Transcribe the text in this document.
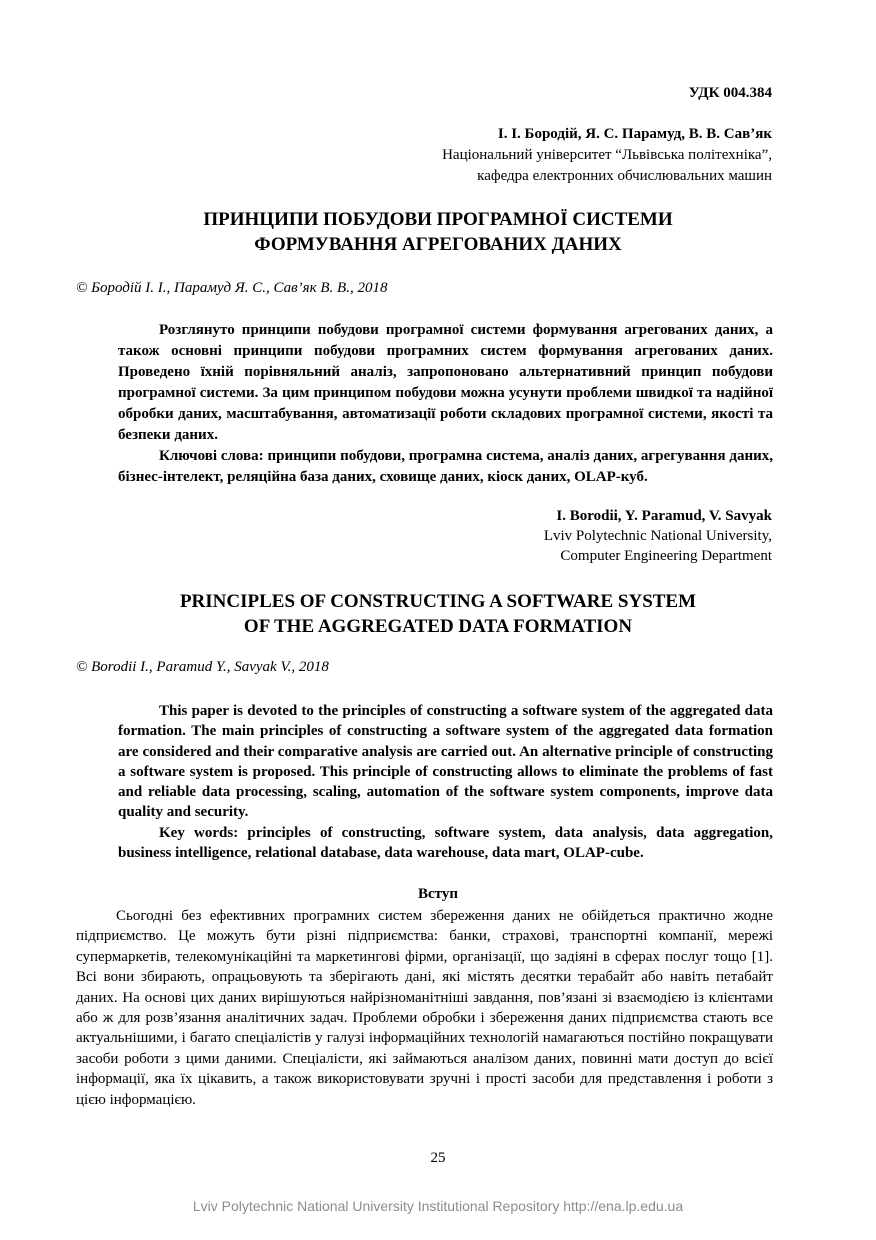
УДК 004.384
І. І. Бородій, Я. С. Парамуд, В. В. Сав’як
Національний університет “Львівська політехніка”,
кафедра електронних обчислювальних машин
ПРИНЦИПИ ПОБУДОВИ ПРОГРАМНОЇ СИСТЕМИ
ФОРМУВАННЯ АГРЕГОВАНИХ ДАНИХ
© Бородій І. І., Парамуд Я. С., Сав’як В. В., 2018

Розглянуто принципи побудови програмної системи формування агрегованих даних, а також основні принципи побудови програмних систем формування агрегованих даних. Проведено їхній порівняльний аналіз, запропоновано альтернативний принцип побудови програмної системи. За цим принципом побудови можна усунути проблеми швидкої та надійної обробки даних, масштабування, автоматизації роботи складових програмної системи, якості та безпеки даних.

Ключові слова: принципи побудови, програмна система, аналіз даних, агрегування даних, бізнес-інтелект, реляційна база даних, сховище даних, кіоск даних, OLAP-куб.

I. Borodii, Y. Paramud, V. Savyak
Lviv Polytechnic National University,
Computer Engineering Department
PRINCIPLES OF CONSTRUCTING A SOFTWARE SYSTEM
OF THE AGGREGATED DATA FORMATION
© Borodii I., Paramud Y., Savyak V., 2018

This paper is devoted to the principles of constructing a software system of the aggregated data formation. The main principles of constructing a software system of the aggregated data formation are considered and their comparative analysis are carried out. An alternative principle of constructing a software system is proposed. This principle of constructing allows to eliminate the problems of fast and reliable data processing, scaling, automation of the software system components, improve data quality and security.

Key words: principles of constructing, software system, data analysis, data aggregation, business intelligence, relational database, data warehouse, data mart, OLAP-cube.

Вступ

Сьогодні без ефективних програмних систем збереження даних не обійдеться практично жодне підприємство. Це можуть бути різні підприємства: банки, страхові, транспортні компанії, мережі супермаркетів, телекомунікаційні та маркетингові фірми, організації, що задіяні в сферах послуг тощо [1]. Всі вони збирають, опрацьовують та зберігають дані, які містять десятки терабайт або навіть петабайт даних. На основі цих даних вирішуються найрізноманітніші завдання, пов’язані зі взаємодією із клієнтами або ж для розв’язання аналітичних задач. Проблеми обробки і збереження даних підприємства стають все актуальнішими, і багато спеціалістів у галузі інформаційних технологій намагаються постійно покращувати засоби роботи з цими даними. Спеціалісти, які займаються аналізом даних, повинні мати доступ до всієї інформації, яка їх цікавить, а також використовувати зручні і прості засоби для представлення і роботи з цією інформацією.

25
Lviv Polytechnic National University Institutional Repository http://ena.lp.edu.ua
